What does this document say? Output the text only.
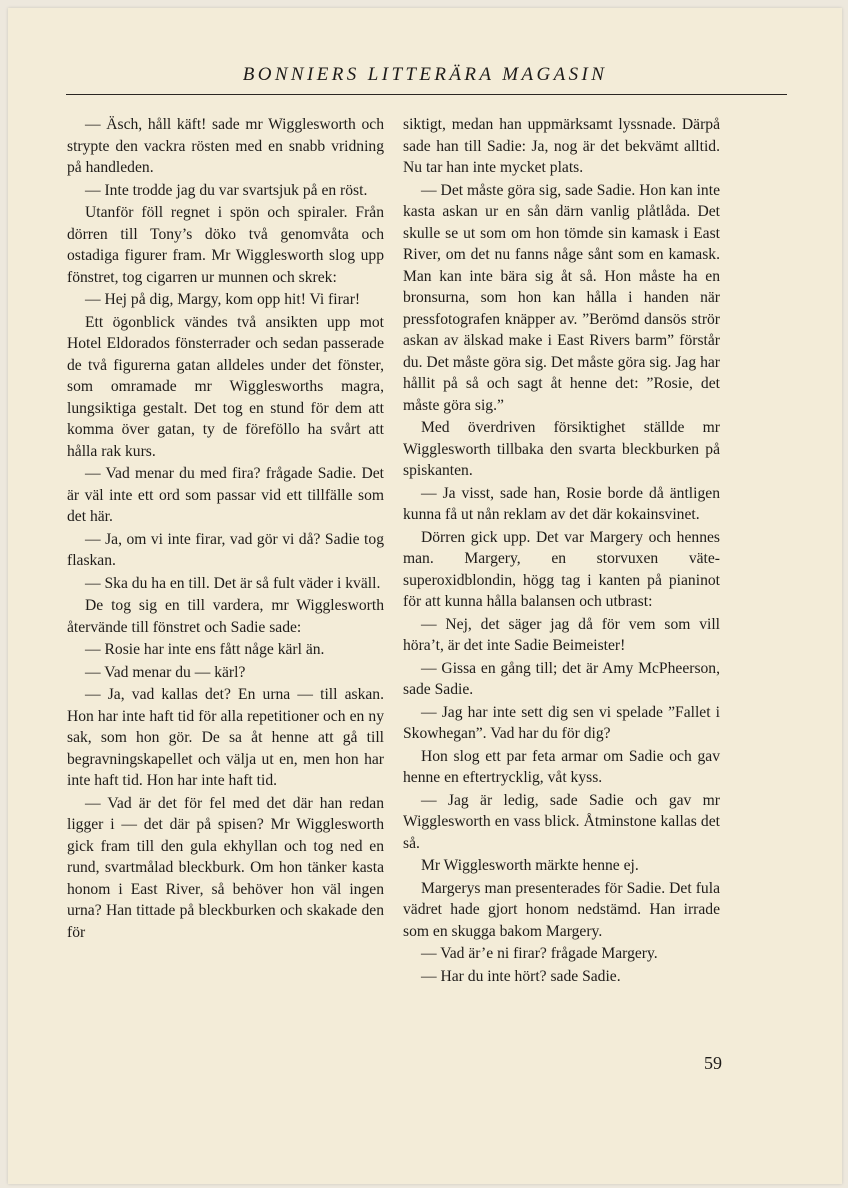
BONNIERS LITTERÄRA MAGASIN

— Äsch, håll käft! sade mr Wigglesworth och strypte den vackra rösten med en snabb vridning på handleden.

— Inte trodde jag du var svartsjuk på en röst.

Utanför föll regnet i spön och spiraler. Från dörren till Tony’s döko två genomvåta och ostadiga figurer fram. Mr Wigglesworth slog upp fönstret, tog cigarren ur munnen och skrek:

— Hej på dig, Margy, kom opp hit! Vi firar!

Ett ögonblick vändes två ansikten upp mot Hotel Eldorados fönsterrader och sedan passerade de två figurerna gatan alldeles under det fönster, som omramade mr Wigglesworths magra, lungsiktiga gestalt. Det tog en stund för dem att komma över gatan, ty de föreföllo ha svårt att hålla rak kurs.

— Vad menar du med fira? frågade Sadie. Det är väl inte ett ord som passar vid ett tillfälle som det här.

— Ja, om vi inte firar, vad gör vi då? Sadie tog flaskan.

— Ska du ha en till. Det är så fult väder i kväll.

De tog sig en till vardera, mr Wigglesworth återvände till fönstret och Sadie sade:

— Rosie har inte ens fått någe kärl än.

— Vad menar du — kärl?

— Ja, vad kallas det? En urna — till askan. Hon har inte haft tid för alla repetitioner och en ny sak, som hon gör. De sa åt henne att gå till begravningskapellet och välja ut en, men hon har inte haft tid. Hon har inte haft tid.

— Vad är det för fel med det där han redan ligger i — det där på spisen? Mr Wigglesworth gick fram till den gula ekhyllan och tog ned en rund, svartmålad bleckburk. Om hon tänker kasta honom i East River, så behöver hon väl ingen urna? Han tittade på bleckburken och skakade den för

siktigt, medan han uppmärksamt lyssnade. Därpå sade han till Sadie: Ja, nog är det bekvämt alltid. Nu tar han inte mycket plats.

— Det måste göra sig, sade Sadie. Hon kan inte kasta askan ur en sån därn vanlig plåtlåda. Det skulle se ut som om hon tömde sin kamask i East River, om det nu fanns någe sånt som en kamask. Man kan inte bära sig åt så. Hon måste ha en bronsurna, som hon kan hålla i handen när pressfotografen knäpper av. ”Berömd dansös strör askan av älskad make i East Rivers barm” förstår du. Det måste göra sig. Det måste göra sig. Jag har hållit på så och sagt åt henne det: ”Rosie, det måste göra sig.”

Med överdriven försiktighet ställde mr Wigglesworth tillbaka den svarta bleckburken på spiskanten.

— Ja visst, sade han, Rosie borde då äntligen kunna få ut nån reklam av det där kokainsvinet.

Dörren gick upp. Det var Margery och hennes man. Margery, en storvuxen vätesuperoxidblondin, högg tag i kanten på pianinot för att kunna hålla balansen och utbrast:

— Nej, det säger jag då för vem som vill höra’t, är det inte Sadie Beimeister!

— Gissa en gång till; det är Amy McPheerson, sade Sadie.

— Jag har inte sett dig sen vi spelade ”Fallet i Skowhegan”. Vad har du för dig?

Hon slog ett par feta armar om Sadie och gav henne en eftertrycklig, våt kyss.

— Jag är ledig, sade Sadie och gav mr Wigglesworth en vass blick. Åtminstone kallas det så.

Mr Wigglesworth märkte henne ej.

Margerys man presenterades för Sadie. Det fula vädret hade gjort honom nedstämd. Han irrade som en skugga bakom Margery.

— Vad är’e ni firar? frågade Margery.

— Har du inte hört? sade Sadie.

59
